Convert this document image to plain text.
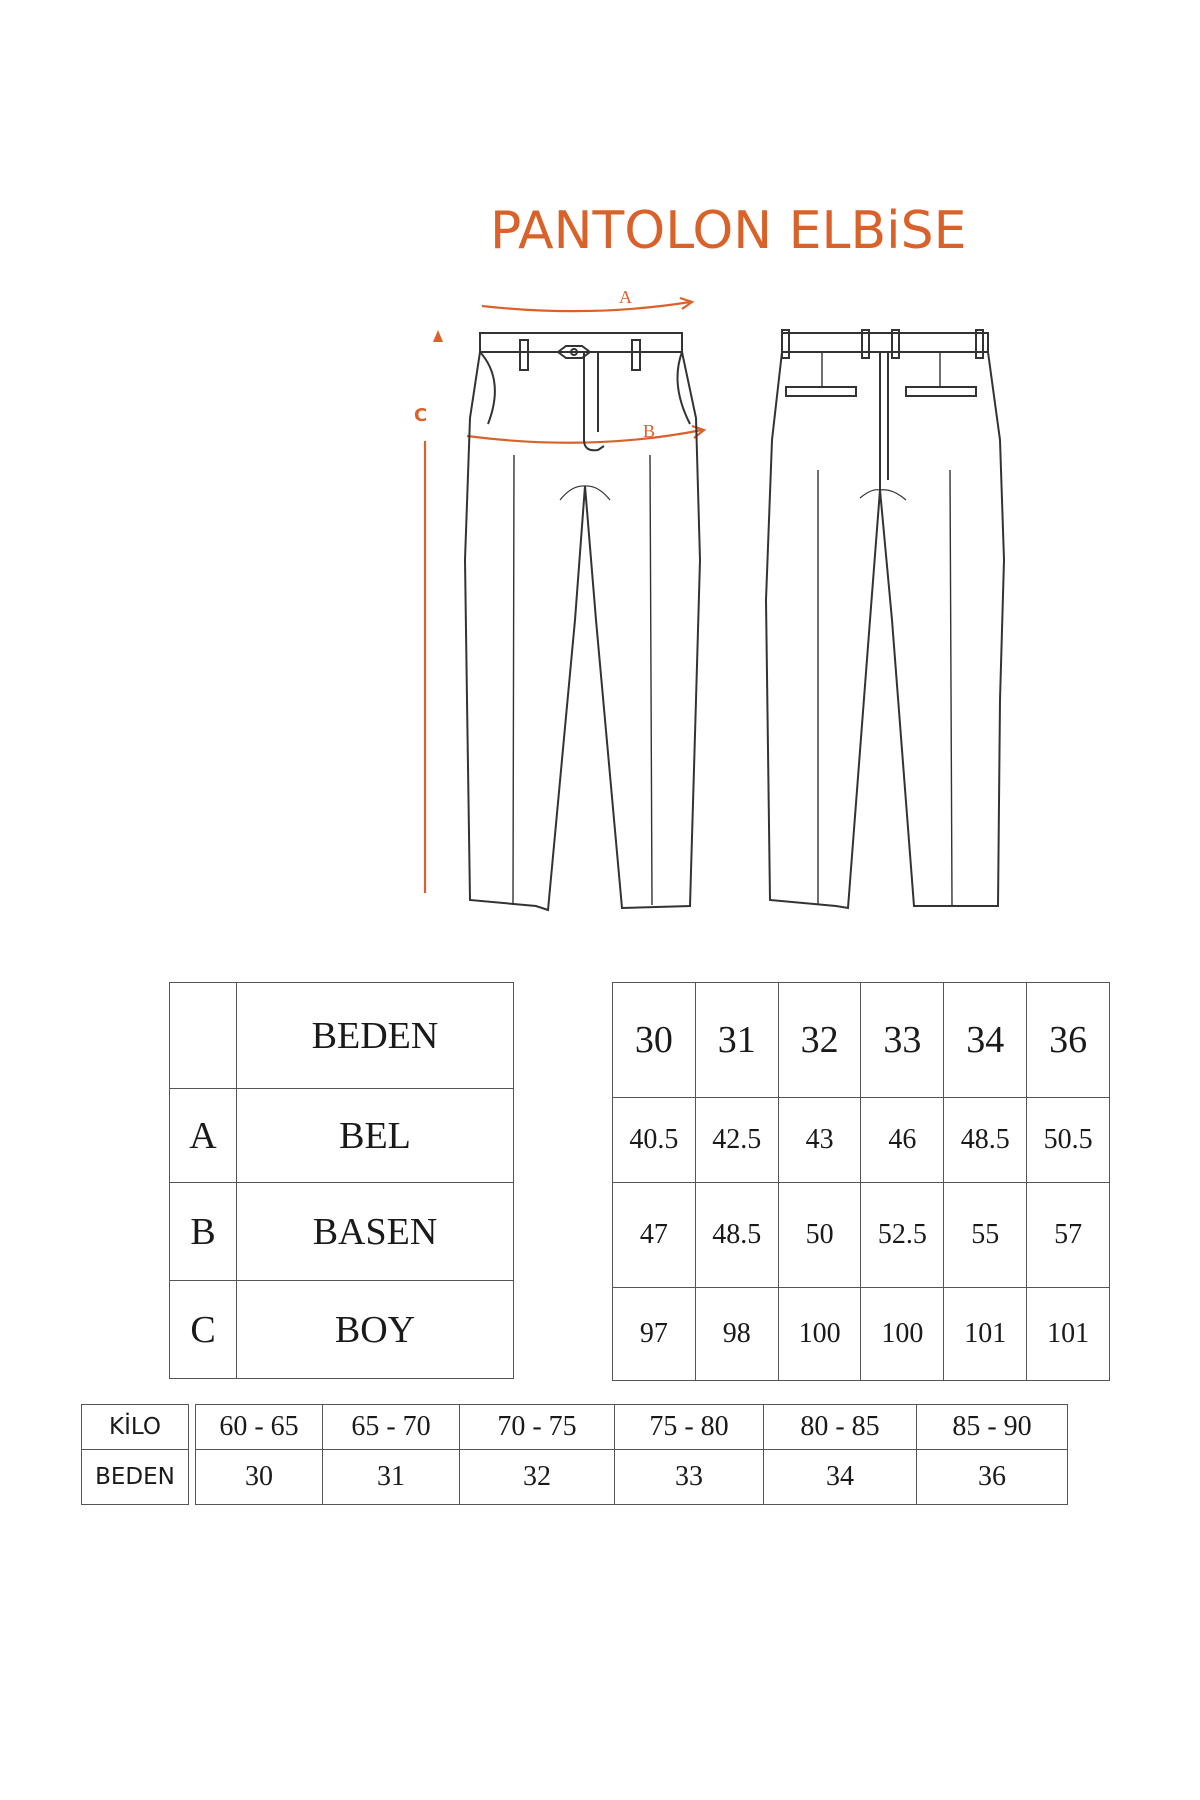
PANTOLON ELBiSE
A
B
C
	BEDEN
A	BEL
B	BASEN
C	BOY
30	31	32	33	34	36
40.5	42.5	43	46	48.5	50.5
47	48.5	50	52.5	55	57
97	98	100	100	101	101
KİLO		60 - 65	65 - 70	70 - 75	75 - 80	80 - 85	85 - 90
BEDEN		30	31	32	33	34	36
